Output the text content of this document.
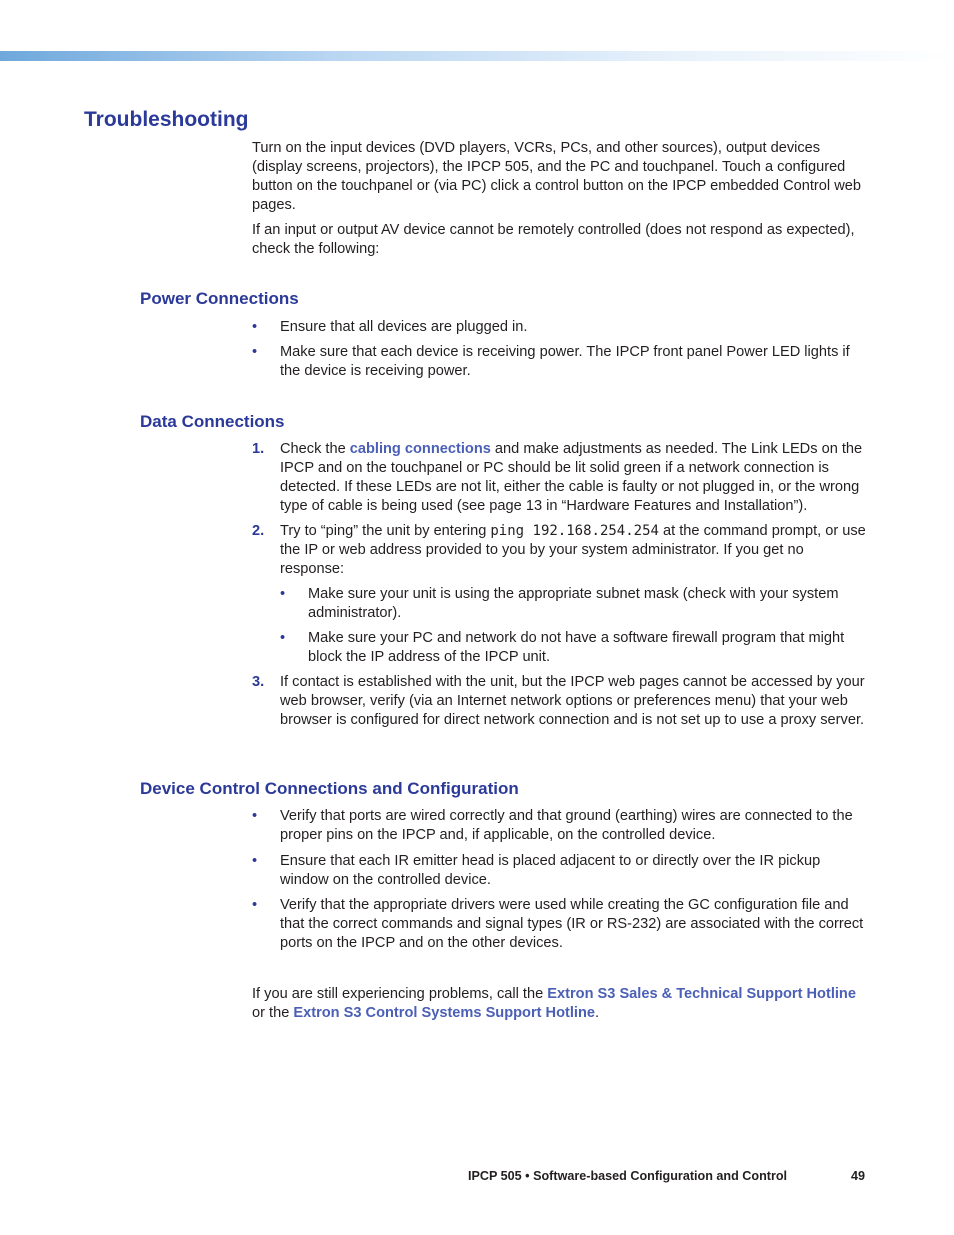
Troubleshooting

Turn on the input devices (DVD players, VCRs, PCs, and other sources), output devices (display screens, projectors), the IPCP 505, and the PC and touchpanel. Touch a configured button on the touchpanel or (via PC) click a control button on the IPCP embedded Control web pages.

If an input or output AV device cannot be remotely controlled (does not respond as expected), check the following:

Power Connections
•	Ensure that all devices are plugged in.
•	Make sure that each device is receiving power. The IPCP front panel Power LED lights if the device is receiving power.
Data Connections
1.	Check the cabling connections and make adjustments as needed. The Link LEDs on the IPCP and on the touchpanel or PC should be lit solid green if a network connection is detected. If these LEDs are not lit, either the cable is faulty or not plugged in, or the wrong type of cable is being used (see page 13 in “Hardware Features and Installation”).
2.	Try to “ping” the unit by entering ping 192.168.254.254 at the command prompt, or use the IP or web address provided to you by your system administrator. If you get no response:
•	Make sure your unit is using the appropriate subnet mask (check with your system administrator).
•	Make sure your PC and network do not have a software firewall program that might block the IP address of the IPCP unit.
3.	If contact is established with the unit, but the IPCP web pages cannot be accessed by your web browser, verify (via an Internet network options or preferences menu) that your web browser is configured for direct network connection and is not set up to use a proxy server.
Device Control Connections and Configuration
•	Verify that ports are wired correctly and that ground (earthing) wires are connected to the proper pins on the IPCP and, if applicable, on the controlled device.
•	Ensure that each IR emitter head is placed adjacent to or directly over the IR pickup window on the controlled device.
•	Verify that the appropriate drivers were used while creating the GC configuration file and that the correct commands and signal types (IR or RS-232) are associated with the correct ports on the IPCP and on the other devices.

If you are still experiencing problems, call the Extron S3 Sales & Technical Support Hotline or the Extron S3 Control Systems Support Hotline.

IPCP 505 • Software-based Configuration and Control	49
